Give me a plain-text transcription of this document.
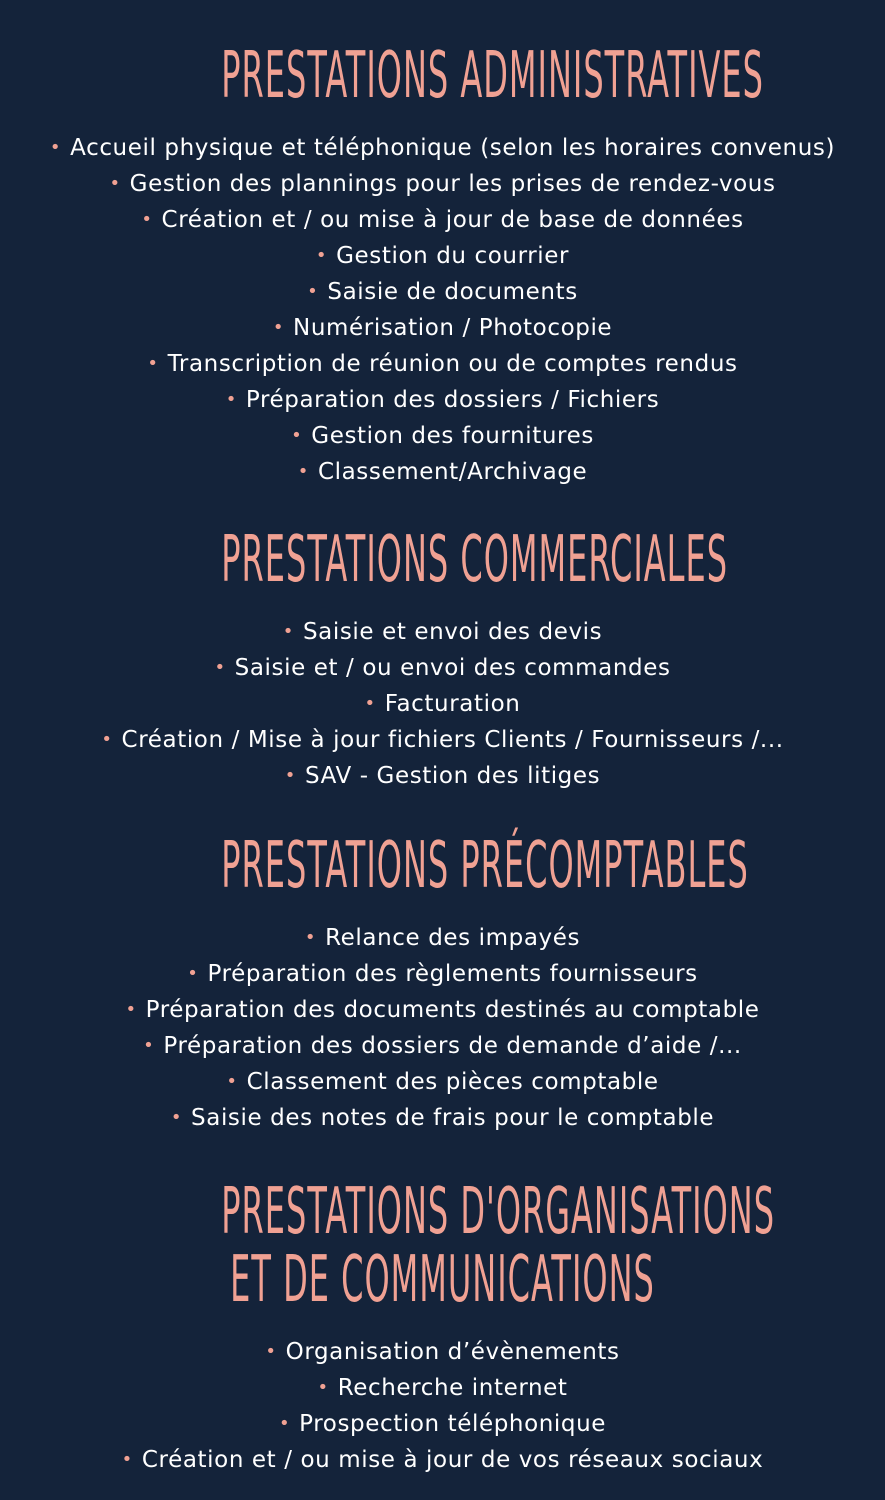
PRESTATIONS ADMINISTRATIVES
• Accueil physique et téléphonique (selon les horaires convenus)
• Gestion des plannings pour les prises de rendez-vous
• Création et / ou mise à jour de base de données
• Gestion du courrier
• Saisie de documents
• Numérisation / Photocopie
• Transcription de réunion ou de comptes rendus
• Préparation des dossiers / Fichiers
• Gestion des fournitures
• Classement/Archivage
PRESTATIONS COMMERCIALES
• Saisie et envoi des devis
• Saisie et / ou envoi des commandes
• Facturation
• Création / Mise à jour fichiers Clients / Fournisseurs /...
• SAV - Gestion des litiges
PRESTATIONS PRÉCOMPTABLES
• Relance des impayés
• Préparation des règlements fournisseurs
• Préparation des documents destinés au comptable
• Préparation des dossiers de demande d’aide /...
• Classement des pièces comptable
• Saisie des notes de frais pour le comptable
PRESTATIONS D'ORGANISATIONS
ET DE COMMUNICATIONS
• Organisation d’évènements
• Recherche internet
• Prospection téléphonique
• Création et / ou mise à jour de vos réseaux sociaux
